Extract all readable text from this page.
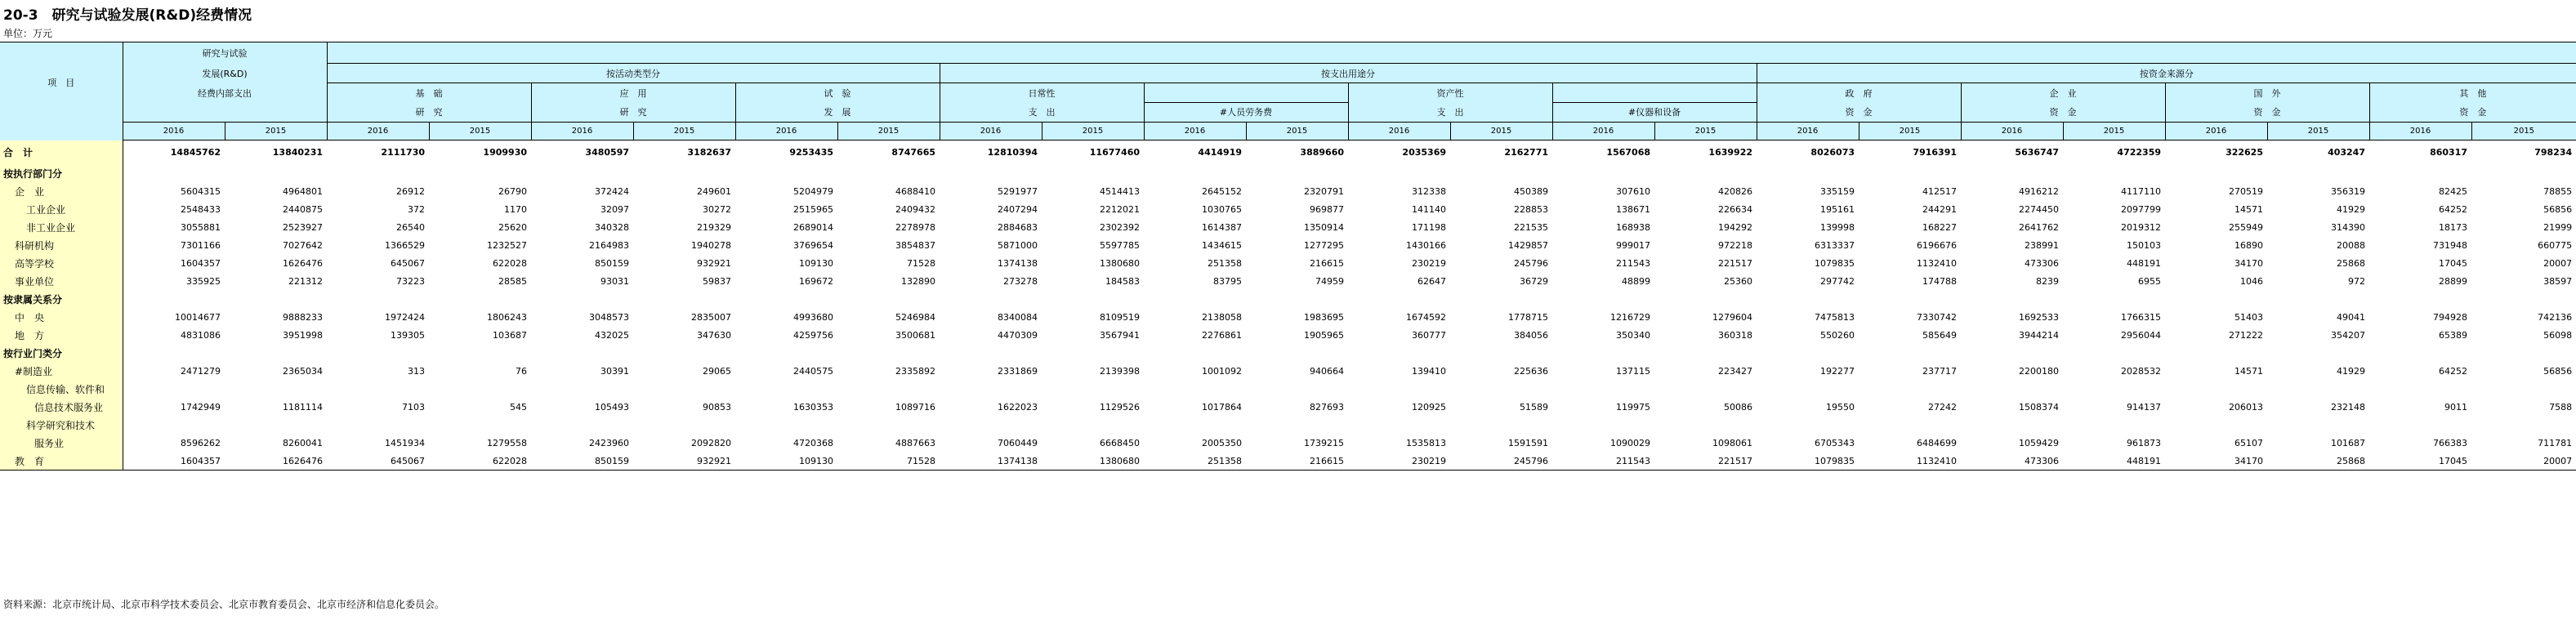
20-3　研究与试验发展(R&D)经费情况
单位：万元
项　目	研究与试验																							
	发展(R&D)		按活动类型分						按支出用途分								按资金来源分							
	经费内部支出		基　础		应　用		试　验		日常性		#人员劳务费		资产性		#仪器和设备		政　府		企　业		国　外		其　他	
			研　究		研　究		发　展		支　出				支　出				资　金		资　金		资　金		资　金	
	2016	2015	2016	2015	2016	2015	2016	2015	2016	2015	2016	2015	2016	2015	2016	2015	2016	2015	2016	2015	2016	2015	2016	2015
合　计	14845762	13840231	2111730	1909930	3480597	3182637	9253435	8747665	12810394	11677460	4414919	3889660	2035369	2162771	1567068	1639922	8026073	7916391	5636747	4722359	322625	403247	860317	798234
按执行部门分																								
企　业	5604315	4964801	26912	26790	372424	249601	5204979	4688410	5291977	4514413	2645152	2320791	312338	450389	307610	420826	335159	412517	4916212	4117110	270519	356319	82425	78855
工业企业	2548433	2440875	372	1170	32097	30272	2515965	2409432	2407294	2212021	1030765	969877	141140	228853	138671	226634	195161	244291	2274450	2097799	14571	41929	64252	56856
非工业企业	3055881	2523927	26540	25620	340328	219329	2689014	2278978	2884683	2302392	1614387	1350914	171198	221535	168938	194292	139998	168227	2641762	2019312	255949	314390	18173	21999
科研机构	7301166	7027642	1366529	1232527	2164983	1940278	3769654	3854837	5871000	5597785	1434615	1277295	1430166	1429857	999017	972218	6313337	6196676	238991	150103	16890	20088	731948	660775
高等学校	1604357	1626476	645067	622028	850159	932921	109130	71528	1374138	1380680	251358	216615	230219	245796	211543	221517	1079835	1132410	473306	448191	34170	25868	17045	20007
事业单位	335925	221312	73223	28585	93031	59837	169672	132890	273278	184583	83795	74959	62647	36729	48899	25360	297742	174788	8239	6955	1046	972	28899	38597
按隶属关系分																								
中　央	10014677	9888233	1972424	1806243	3048573	2835007	4993680	5246984	8340084	8109519	2138058	1983695	1674592	1778715	1216729	1279604	7475813	7330742	1692533	1766315	51403	49041	794928	742136
地　方	4831086	3951998	139305	103687	432025	347630	4259756	3500681	4470309	3567941	2276861	1905965	360777	384056	350340	360318	550260	585649	3944214	2956044	271222	354207	65389	56098
按行业门类分																								
#制造业	2471279	2365034	313	76	30391	29065	2440575	2335892	2331869	2139398	1001092	940664	139410	225636	137115	223427	192277	237717	2200180	2028532	14571	41929	64252	56856
信息传输、软件和																								
信息技术服务业	1742949	1181114	7103	545	105493	90853	1630353	1089716	1622023	1129526	1017864	827693	120925	51589	119975	50086	19550	27242	1508374	914137	206013	232148	9011	7588
科学研究和技术																								
服务业	8596262	8260041	1451934	1279558	2423960	2092820	4720368	4887663	7060449	6668450	2005350	1739215	1535813	1591591	1090029	1098061	6705343	6484699	1059429	961873	65107	101687	766383	711781
教　育	1604357	1626476	645067	622028	850159	932921	109130	71528	1374138	1380680	251358	216615	230219	245796	211543	221517	1079835	1132410	473306	448191	34170	25868	17045	20007
资料来源：北京市统计局、北京市科学技术委员会、北京市教育委员会、北京市经济和信息化委员会。
